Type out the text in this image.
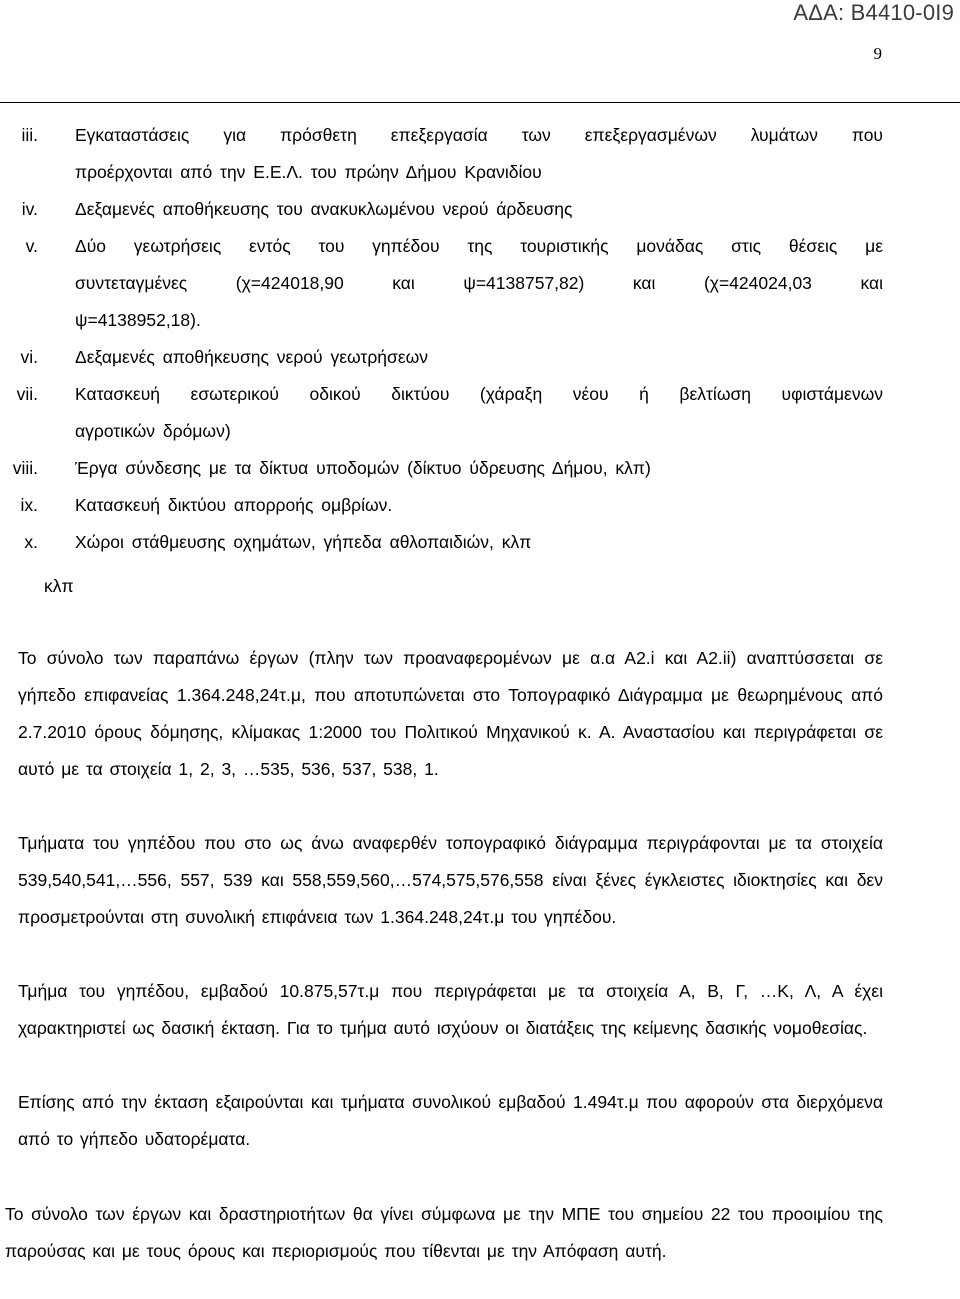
ΑΔΑ: Β4410-0Ι9
9
iii. Εγκαταστάσεις για πρόσθετη επεξεργασία των επεξεργασμένων λυμάτων που
προέρχονται από την Ε.Ε.Λ. του πρώην Δήμου Κρανιδίου
iv. Δεξαμενές αποθήκευσης του ανακυκλωμένου νερού άρδευσης
v. Δύο γεωτρήσεις εντός του γηπέδου της τουριστικής μονάδας στις θέσεις με
συντεταγμένες (χ=424018,90 και ψ=4138757,82) και (χ=424024,03 και
ψ=4138952,18).
vi. Δεξαμενές αποθήκευσης νερού γεωτρήσεων
vii. Κατασκευή εσωτερικού οδικού δικτύου (χάραξη νέου ή βελτίωση υφιστάμενων
αγροτικών δρόμων)
viii. Έργα σύνδεσης με τα δίκτυα υποδομών (δίκτυο ύδρευσης Δήμου, κλπ)
ix. Κατασκευή δικτύου απορροής ομβρίων.
x. Χώροι στάθμευσης οχημάτων, γήπεδα αθλοπαιδιών, κλπ
κλπ
Το σύνολο των παραπάνω έργων (πλην των προαναφερομένων με α.α Α2.i και Α2.ii) αναπτύσσεται σε γήπεδο επιφανείας 1.364.248,24τ.μ, που αποτυπώνεται στο Τοπογραφικό Διάγραμμα με θεωρημένους από 2.7.2010 όρους δόμησης, κλίμακας 1:2000 του Πολιτικού Μηχανικού κ. Α. Αναστασίου και περιγράφεται σε αυτό με τα στοιχεία 1, 2, 3, …535, 536, 537, 538, 1.
Τμήματα του γηπέδου που στο ως άνω αναφερθέν τοπογραφικό διάγραμμα περιγράφονται με τα στοιχεία 539,540,541,…556, 557, 539 και 558,559,560,…574,575,576,558 είναι ξένες έγκλειστες ιδιοκτησίες και δεν προσμετρούνται στη συνολική επιφάνεια των 1.364.248,24τ.μ του γηπέδου.
Τμήμα του γηπέδου, εμβαδού 10.875,57τ.μ που περιγράφεται με τα στοιχεία Α, Β, Γ, …Κ, Λ, Α έχει χαρακτηριστεί ως δασική έκταση. Για το τμήμα αυτό ισχύουν οι διατάξεις της κείμενης δασικής νομοθεσίας.
Επίσης από την έκταση εξαιρούνται και τμήματα συνολικού εμβαδού 1.494τ.μ που αφορούν στα διερχόμενα από το γήπεδο υδατορέματα.
Το σύνολο των έργων και δραστηριοτήτων θα γίνει σύμφωνα με την ΜΠΕ του σημείου 22 του προοιμίου της παρούσας και με τους όρους και περιορισμούς που τίθενται με την Απόφαση αυτή.
